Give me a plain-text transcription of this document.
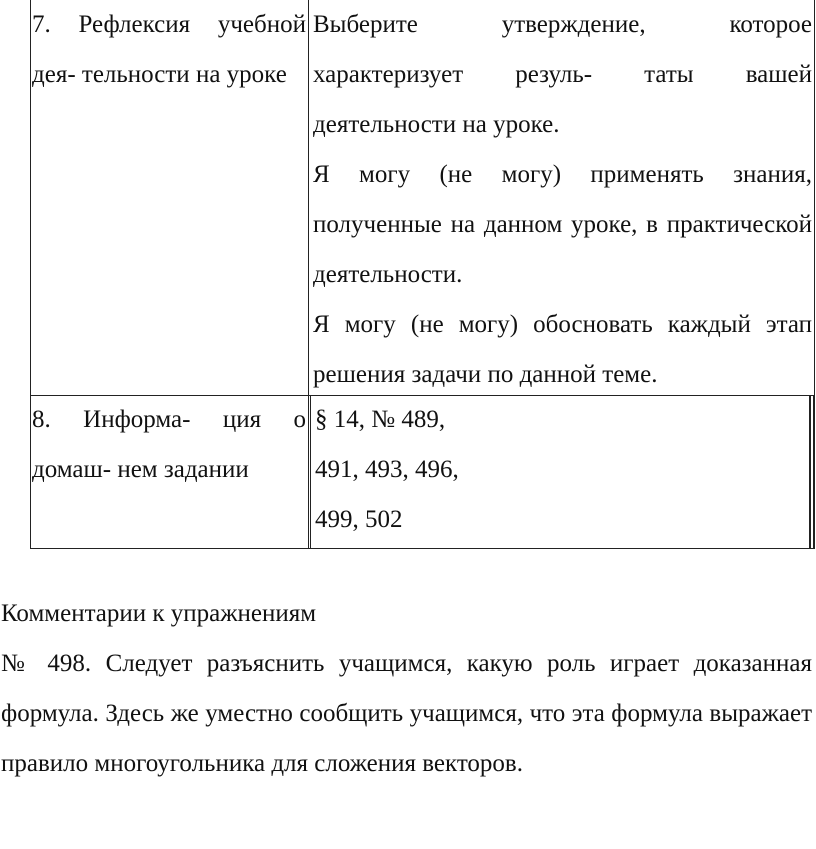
7. Рефлексия учебной дея- тельности на уроке

Выберите утверждение, которое характеризует резуль- таты вашей деятельности на уроке.

Я могу (не могу) применять знания, полученные на данном уроке, в практической деятельности.

Я могу (не могу) обосновать каждый этап решения задачи по данной теме.

8. Информа- ция о домаш- нем задании
§ 14, № 489,
491, 493, 496,
499, 502

Комментарии к упражнениям

№ 498. Следует разъяснить учащимся, какую роль играет доказанная формула. Здесь же уместно сообщить учащимся, что эта формула выражает правило многоугольника для сложения векторов.
